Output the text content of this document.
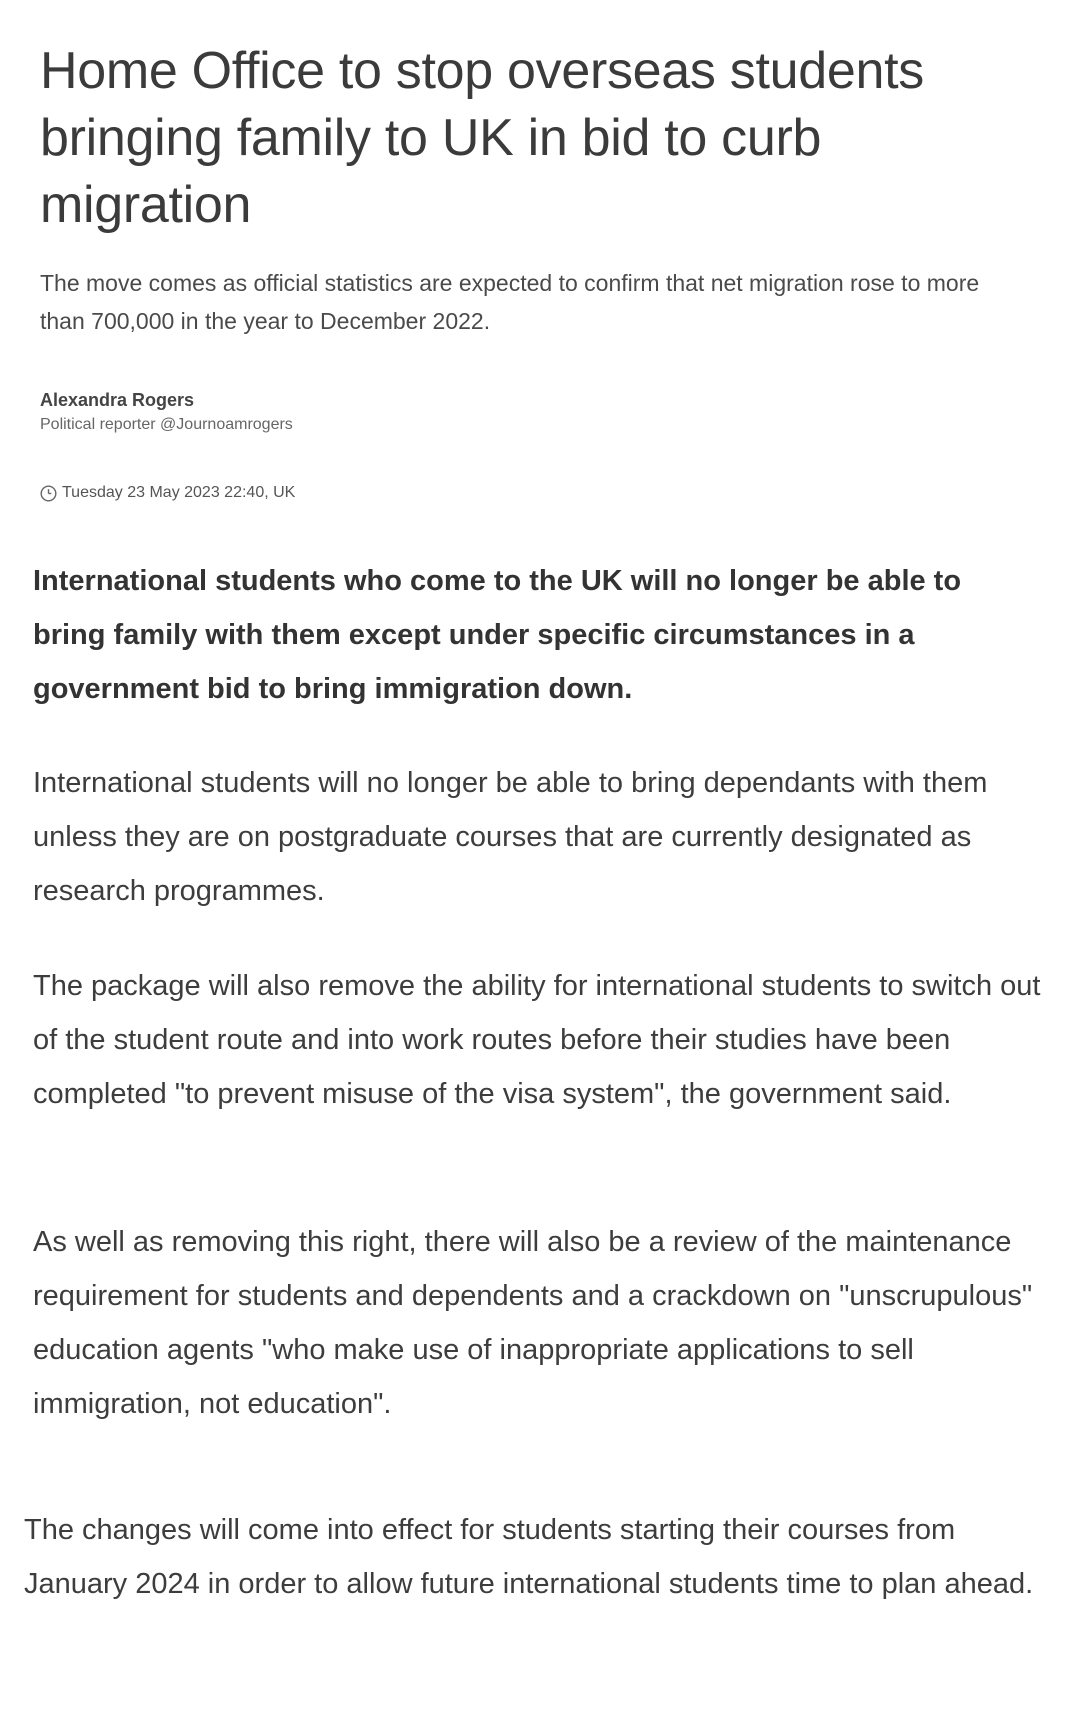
Home Office to stop overseas students bringing family to UK in bid to curb migration

The move comes as official statistics are expected to confirm that net migration rose to more than 700,000 in the year to December 2022.

Alexandra Rogers
Political reporter @Journoamrogers
Tuesday 23 May 2023 22:40, UK

International students who come to the UK will no longer be able to bring family with them except under specific circumstances in a government bid to bring immigration down.

International students will no longer be able to bring dependants with them unless they are on postgraduate courses that are currently designated as research programmes.

The package will also remove the ability for international students to switch out of the student route and into work routes before their studies have been completed "to prevent misuse of the visa system", the government said.

As well as removing this right, there will also be a review of the maintenance requirement for students and dependents and a crackdown on "unscrupulous" education agents "who make use of inappropriate applications to sell immigration, not education".

The changes will come into effect for students starting their courses from January 2024 in order to allow future international students time to plan ahead.
